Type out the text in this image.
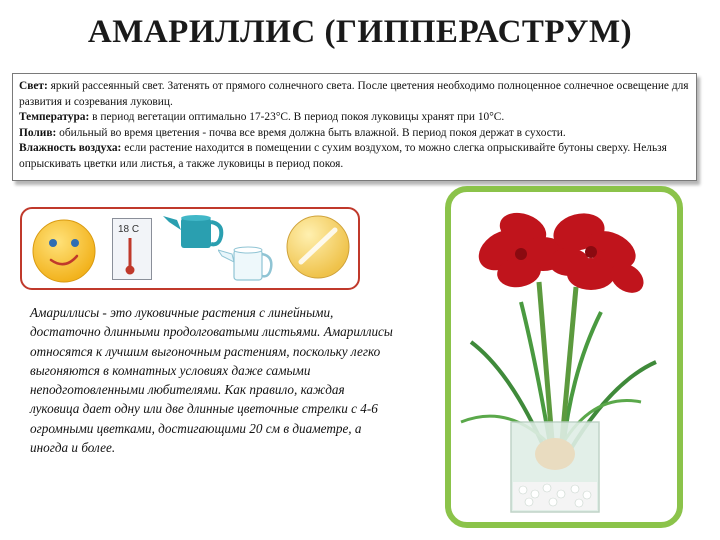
АМАРИЛЛИС (ГИППЕРАСТРУМ)
Свет: яркий рассеянный свет. Затенять от прямого солнечного света. После цветения необходимо полноценное солнечное освещение для развития и созревания луковиц.
Температура: в период вегетации оптимально 17-23°С. В период покоя луковицы хранят при 10°С.
Полив: обильный во время цветения - почва все время должна быть влажной. В период покоя держат в сухости.
Влажность воздуха: если растение находится в помещении с сухим воздухом, то можно слегка опрыскивайте бутоны сверху. Нельзя опрыскивать цветки или листья, а также луковицы в период покоя.
18 С
Амариллисы - это луковичные растения с линейными, достаточно длинными продолговатыми листьями. Амариллисы относятся к лучшим выгоночным растениям, поскольку легко выгоняются в комнатных условиях даже самыми неподготовленными любителями. Как правило, каждая луковица дает одну или две длинные цветочные стрелки с 4-6 огромными цветками, достигающими 20 см в диаметре, а иногда и более.
